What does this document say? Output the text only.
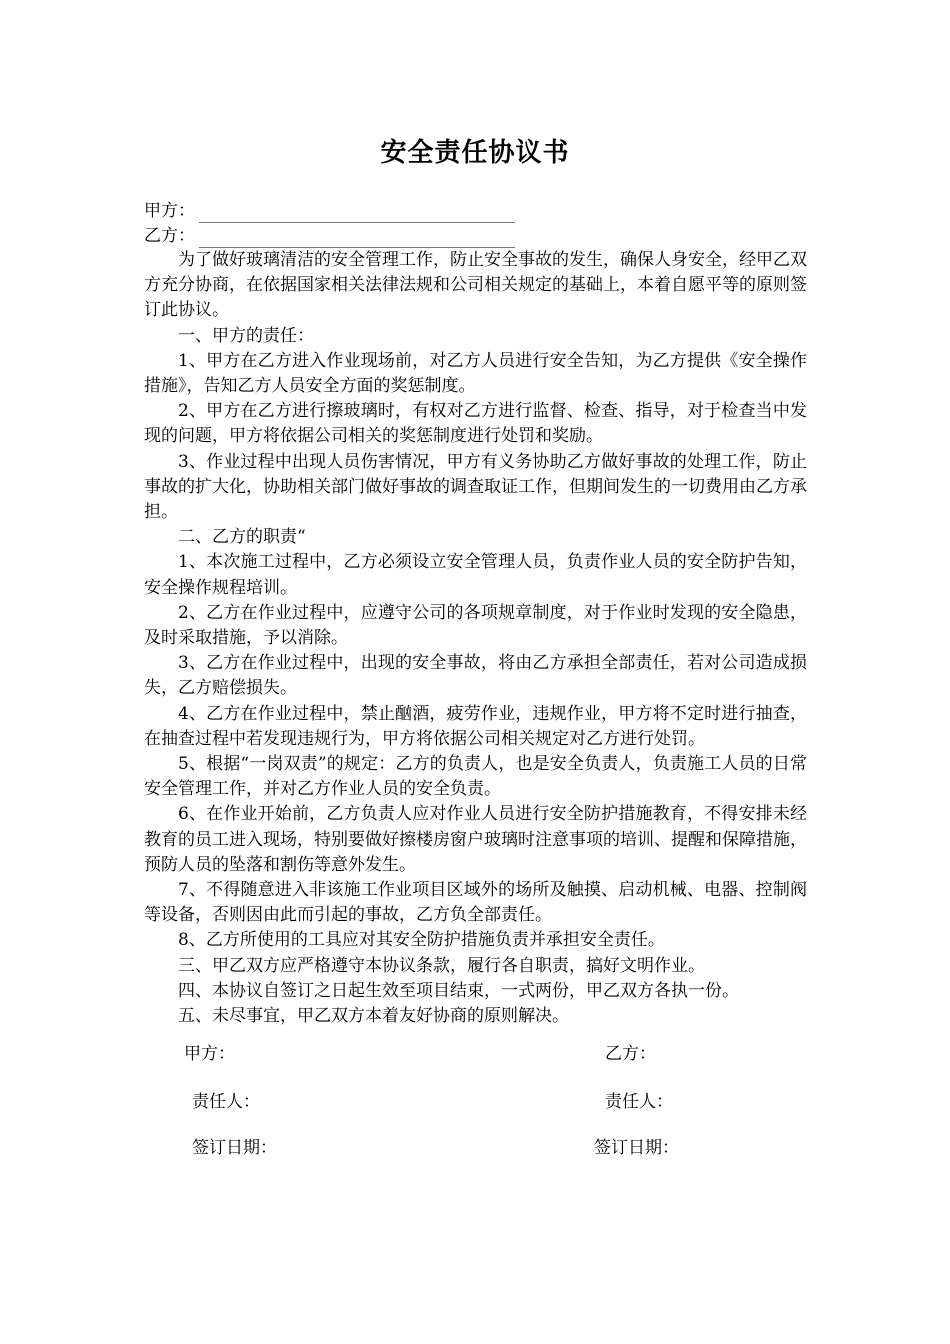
安全责任协议书
甲方：
乙方：

为了做好玻璃清洁的安全管理工作，防止安全事故的发生，确保人身安全，经甲乙双方充分协商，在依据国家相关法律法规和公司相关规定的基础上，本着自愿平等的原则签订此协议。

一、甲方的责任：

1、甲方在乙方进入作业现场前，对乙方人员进行安全告知，为乙方提供《安全操作措施》，告知乙方人员安全方面的奖惩制度。

2、甲方在乙方进行擦玻璃时，有权对乙方进行监督、检查、指导，对于检查当中发现的问题，甲方将依据公司相关的奖惩制度进行处罚和奖励。

3、作业过程中出现人员伤害情况，甲方有义务协助乙方做好事故的处理工作，防止事故的扩大化，协助相关部门做好事故的调查取证工作，但期间发生的一切费用由乙方承担。

二、乙方的职责“

1、本次施工过程中，乙方必须设立安全管理人员，负责作业人员的安全防护告知，安全操作规程培训。

2、乙方在作业过程中，应遵守公司的各项规章制度，对于作业时发现的安全隐患，及时采取措施，予以消除。

3、乙方在作业过程中，出现的安全事故，将由乙方承担全部责任，若对公司造成损失，乙方赔偿损失。

4、乙方在作业过程中，禁止酗酒，疲劳作业，违规作业，甲方将不定时进行抽查，在抽查过程中若发现违规行为，甲方将依据公司相关规定对乙方进行处罚。

5、根据“一岗双责”的规定：乙方的负责人，也是安全负责人，负责施工人员的日常安全管理工作，并对乙方作业人员的安全负责。

6、在作业开始前，乙方负责人应对作业人员进行安全防护措施教育，不得安排未经教育的员工进入现场，特别要做好擦楼房窗户玻璃时注意事项的培训、提醒和保障措施，预防人员的坠落和割伤等意外发生。

7、不得随意进入非该施工作业项目区域外的场所及触摸、启动机械、电器、控制阀等设备，否则因由此而引起的事故，乙方负全部责任。

8、乙方所使用的工具应对其安全防护措施负责并承担安全责任。

三、甲乙双方应严格遵守本协议条款，履行各自职责，搞好文明作业。

四、本协议自签订之日起生效至项目结束，一式两份，甲乙双方各执一份。

五、未尽事宜，甲乙双方本着友好协商的原则解决。

甲方：	乙方：
责任人：	责任人：
签订日期：	签订日期：
